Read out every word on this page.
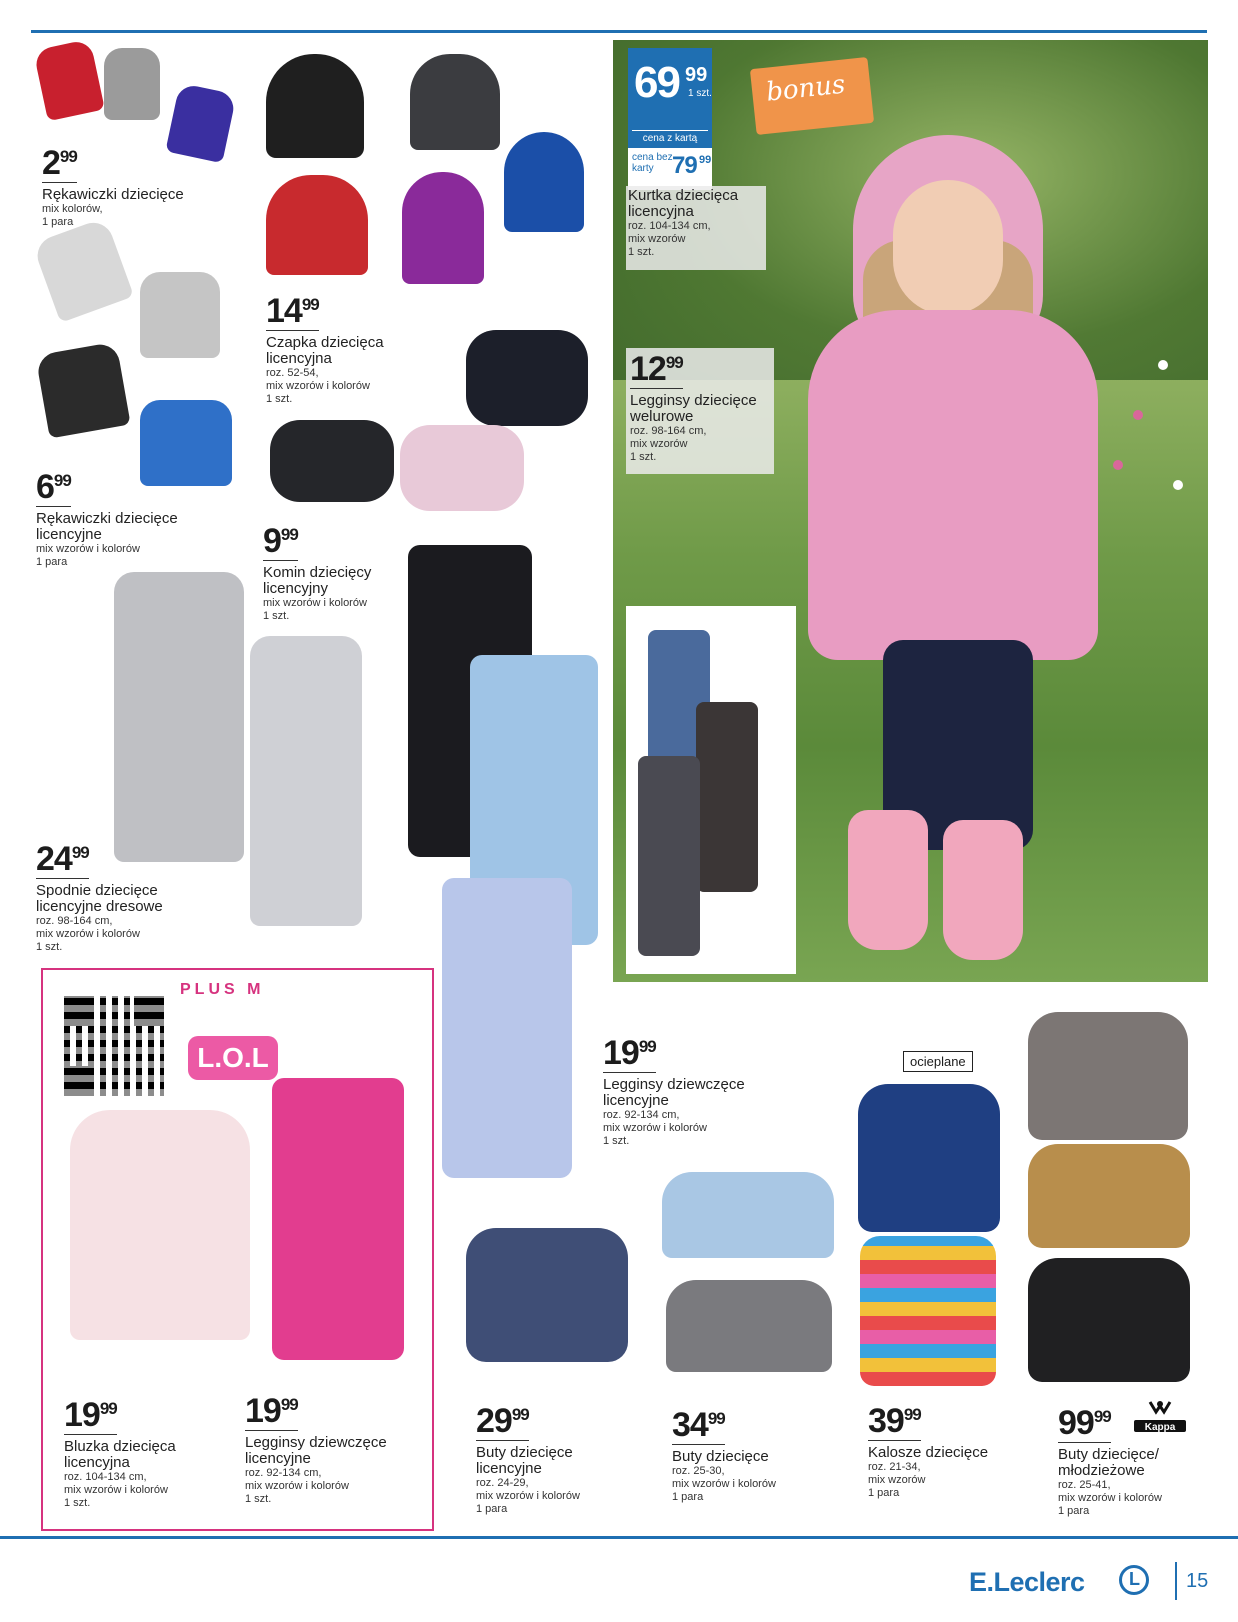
69 99
1 szt.
cena z kartą
cena bez karty 79 99
bonus
Kurtka dziecięca licencyjna
roz. 104-134 cm,
mix wzorów
1 szt.
1299
Legginsy dziecięce welurowe
roz. 98-164 cm,
mix wzorów
1 szt.
299
Rękawiczki dziecięce
mix kolorów,
1 para
699
Rękawiczki dziecięce licencyjne
mix wzorów i kolorów
1 para
1499
Czapka dziecięca licencyjna
roz. 52-54,
mix wzorów i kolorów
1 szt.
999
Komin dziecięcy licencyjny
mix wzorów i kolorów
1 szt.
2499
Spodnie dziecięce licencyjne dresowe
roz. 98-164 cm,
mix wzorów i kolorów
1 szt.
1999
Legginsy dziewczęce licencyjne
roz. 92-134 cm,
mix wzorów i kolorów
1 szt.
PLUS M
L.O.L
1999
Bluzka dziecięca licencyjna
roz. 104-134 cm,
mix wzorów i kolorów
1 szt.
1999
Legginsy dziewczęce licencyjne
roz. 92-134 cm,
mix wzorów i kolorów
1 szt.
ocieplane
Kappa
2999
Buty dziecięce licencyjne
roz. 24-29,
mix wzorów i kolorów
1 para
3499
Buty dziecięce
roz. 25-30,
mix wzorów i kolorów
1 para
3999
Kalosze dziecięce
roz. 21-34,
mix wzorów
1 para
9999
Buty dziecięce/ młodzieżowe
roz. 25-41,
mix wzorów i kolorów
1 para
E.Leclerc
L	15
